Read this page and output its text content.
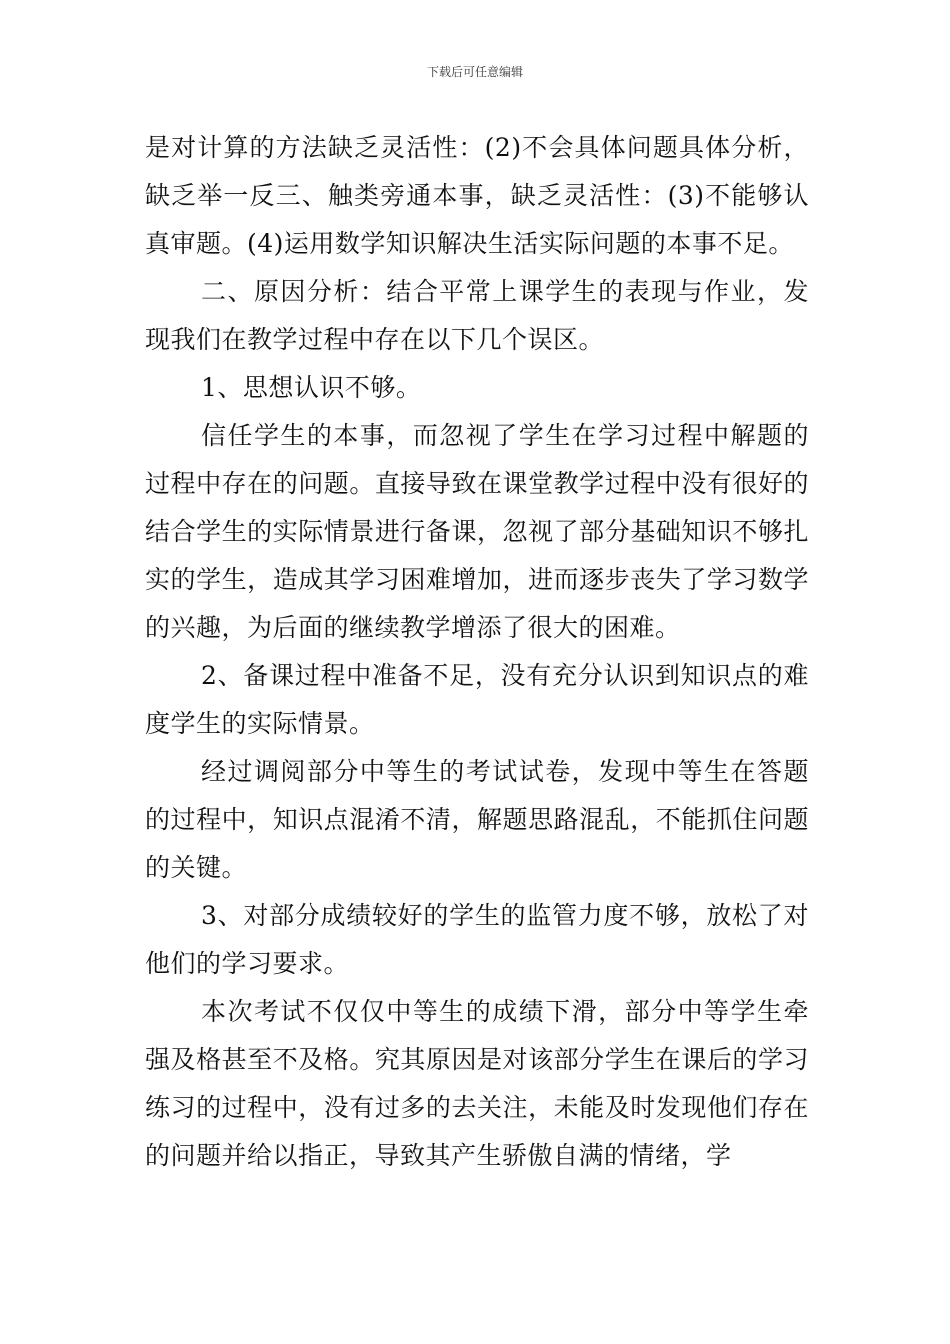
下载后可任意编辑

是对计算的方法缺乏灵活性：(2)不会具体问题具体分析，缺乏举一反三、触类旁通本事，缺乏灵活性：(3)不能够认真审题。(4)运用数学知识解决生活实际问题的本事不足。

二、原因分析：结合平常上课学生的表现与作业，发现我们在教学过程中存在以下几个误区。

1、思想认识不够。

信任学生的本事，而忽视了学生在学习过程中解题的过程中存在的问题。直接导致在课堂教学过程中没有很好的结合学生的实际情景进行备课，忽视了部分基础知识不够扎实的学生，造成其学习困难增加，进而逐步丧失了学习数学的兴趣，为后面的继续教学增添了很大的困难。

2、备课过程中准备不足，没有充分认识到知识点的难度学生的实际情景。

经过调阅部分中等生的考试试卷，发现中等生在答题的过程中，知识点混淆不清，解题思路混乱，不能抓住问题的关键。

3、对部分成绩较好的学生的监管力度不够，放松了对他们的学习要求。

本次考试不仅仅中等生的成绩下滑，部分中等学生牵强及格甚至不及格。究其原因是对该部分学生在课后的学习练习的过程中，没有过多的去关注，未能及时发现他们存在的问题并给以指正，导致其产生骄傲自满的情绪，学
